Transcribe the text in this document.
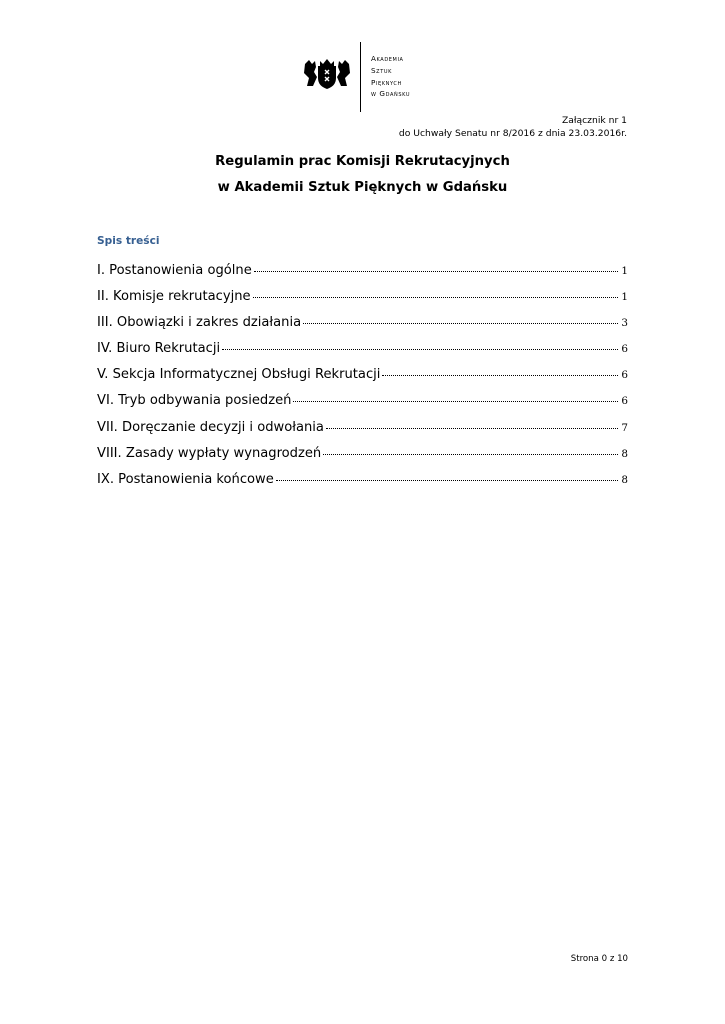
Akademia
Sztuk
Pięknych
w Gdańsku
Załącznik nr 1
do Uchwały Senatu nr 8/2016 z dnia 23.03.2016r.
Regulamin prac Komisji Rekrutacyjnych
w Akademii Sztuk Pięknych w Gdańsku
Spis treści
I. Postanowienia ogólne	1
II. Komisje rekrutacyjne	1
III. Obowiązki i zakres działania	3
IV. Biuro Rekrutacji	6
V. Sekcja Informatycznej Obsługi Rekrutacji	6
VI. Tryb odbywania posiedzeń	6
VII. Doręczanie decyzji i odwołania	7
VIII. Zasady wypłaty wynagrodzeń	8
IX. Postanowienia końcowe	8
Strona 0 z 10
